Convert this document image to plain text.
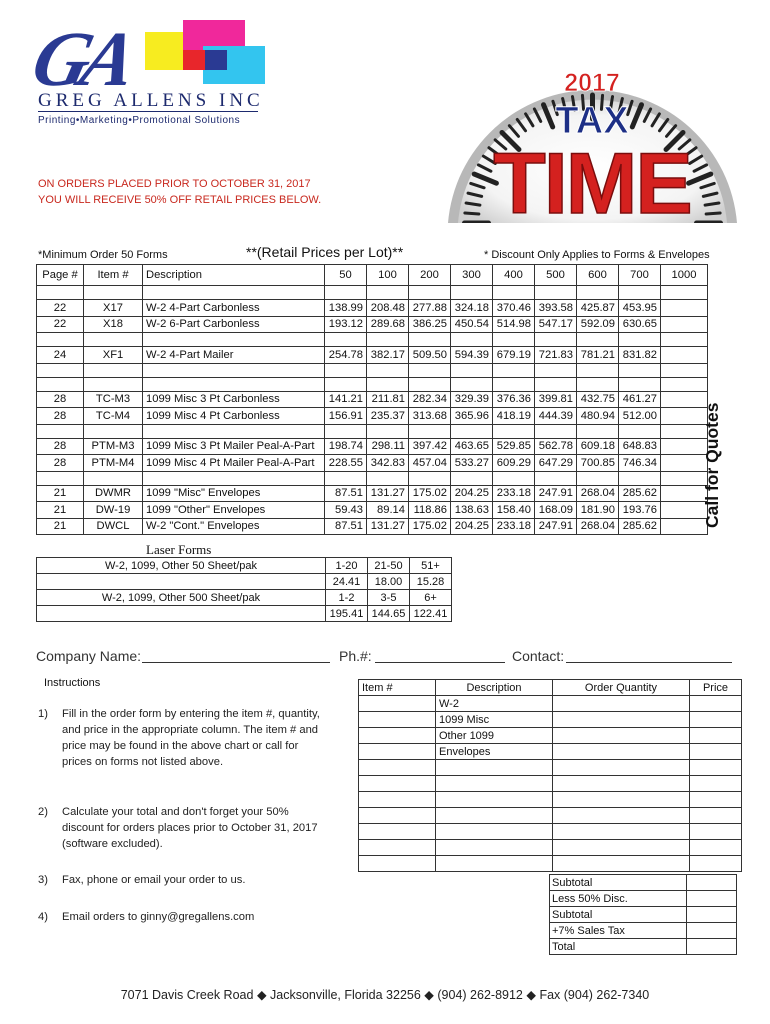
GA
GREG ALLENS INC
Printing•Marketing•Promotional Solutions
2017
TAX
TIME
ON ORDERS PLACED PRIOR TO OCTOBER 31, 2017
YOU WILL RECEIVE 50% OFF RETAIL PRICES BELOW.
*Minimum Order 50 Forms	**(Retail Prices per Lot)**	* Discount Only Applies to Forms & Envelopes
Page #	Item #	Description	50	100	200	300	400	500	600	700	1000

22	X17	W-2 4-Part Carbonless	138.99	208.48	277.88	324.18	370.46	393.58	425.87	453.95	
22	X18	W-2 6-Part Carbonless	193.12	289.68	386.25	450.54	514.98	547.17	592.09	630.65	

24	XF1	W-2 4-Part Mailer	254.78	382.17	509.50	594.39	679.19	721.83	781.21	831.82	

28	TC-M3	1099 Misc 3 Pt Carbonless	141.21	211.81	282.34	329.39	376.36	399.81	432.75	461.27	
28	TC-M4	1099 Misc 4 Pt Carbonless	156.91	235.37	313.68	365.96	418.19	444.39	480.94	512.00	

28	PTM-M3	1099 Misc 3 Pt Mailer Peal-A-Part	198.74	298.11	397.42	463.65	529.85	562.78	609.18	648.83	
28	PTM-M4	1099 Misc 4 Pt Mailer Peal-A-Part	228.55	342.83	457.04	533.27	609.29	647.29	700.85	746.34	

21	DWMR	1099 "Misc" Envelopes	87.51	131.27	175.02	204.25	233.18	247.91	268.04	285.62	
21	DW-19	1099 "Other" Envelopes	59.43	89.14	118.86	138.63	158.40	168.09	181.90	193.76	
21	DWCL	W-2 "Cont." Envelopes	87.51	131.27	175.02	204.25	233.18	247.91	268.04	285.62		Call for Quotes
Laser Forms
W-2, 1099, Other 50 Sheet/pak	1-20	21-50	51+
	24.41	18.00	15.28
W-2, 1099, Other 500 Sheet/pak	1-2	3-5	6+
	195.41	144.65	122.41
Company Name:	Ph.#:	Contact:
Instructions
1) Fill in the order form by entering the item #, quantity, and price in the appropriate column. The item # and price may be found in the above chart or call for prices on forms not listed above.
2) Calculate your total and don't forget your 50% discount for orders places prior to October 31, 2017 (software excluded).
3) Fax, phone or email your order to us.
4) Email orders to ginny@gregallens.com
Item #	Description	Order Quantity	Price
	W-2		
	1099 Misc		
	Other 1099		
	Envelopes		

Subtotal	
Less 50% Disc.	
Subtotal	
+7% Sales Tax	
Total	
7071 Davis Creek Road ◆ Jacksonville, Florida 32256 ◆ (904) 262-8912 ◆ Fax (904) 262-7340
